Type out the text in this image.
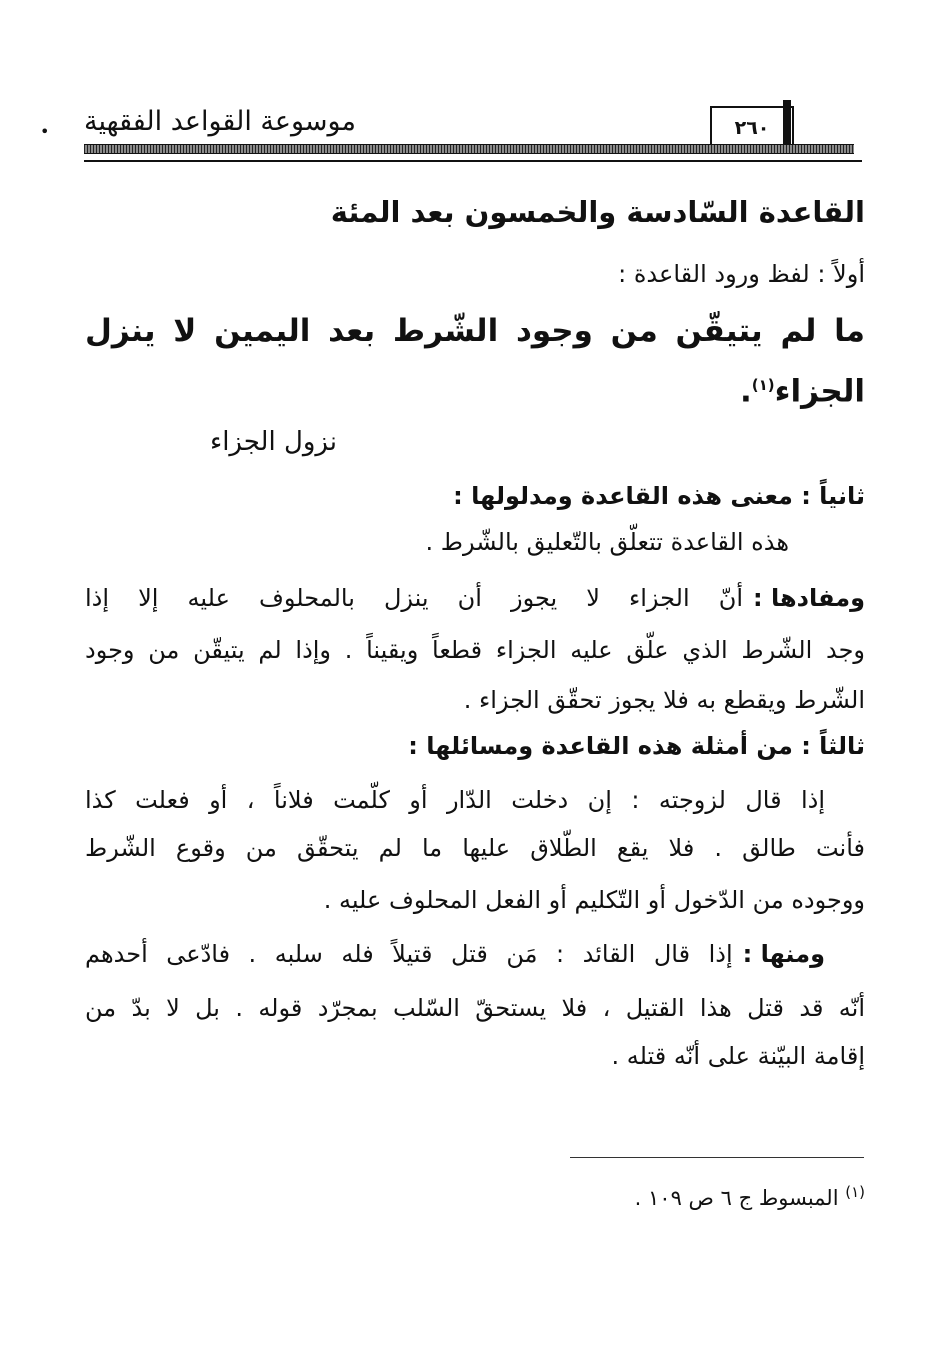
• موسوعة القواعد الفقهية	٢٦٠
القاعدة السّادسة والخمسون بعد المئة
أولاً : لفظ ورود القاعدة :
ما لم يتيقّن من وجود الشّرط بعد اليمين لا ينزل
الجزاء$^{(١)}$.
نزول الجزاء
ثانياً : معنى هذه القاعدة ومدلولها :
هذه القاعدة تتعلّق بالتّعليق بالشّرط .
ومفادها :
أنّ الجزاء لا يجوز أن ينزل بالمحلوف عليه إلا إذا
وجد الشّرط الذي علّق عليه الجزاء قطعاً ويقيناً . وإذا لم يتيقّن من وجود
الشّرط ويقطع به فلا يجوز تحقّق الجزاء .
ثالثاً : من أمثلة هذه القاعدة ومسائلها :
إذا قال لزوجته : إن دخلت الدّار أو كلّمت فلاناً ، أو فعلت كذا
فأنت طالق . فلا يقع الطّلاق عليها ما لم يتحقّق من وقوع الشّرط
ووجوده من الدّخول أو التّكليم أو الفعل المحلوف عليه .
ومنها :
إذا قال القائد : مَن قتل قتيلاً فله سلبه . فادّعى أحدهم
أنّه قد قتل هذا القتيل ، فلا يستحقّ السّلب بمجرّد قوله . بل لا بدّ من
إقامة البيّنة على أنّه قتله .
$^{(١)}$ المبسوط ج ٦ ص ١٠٩ .
